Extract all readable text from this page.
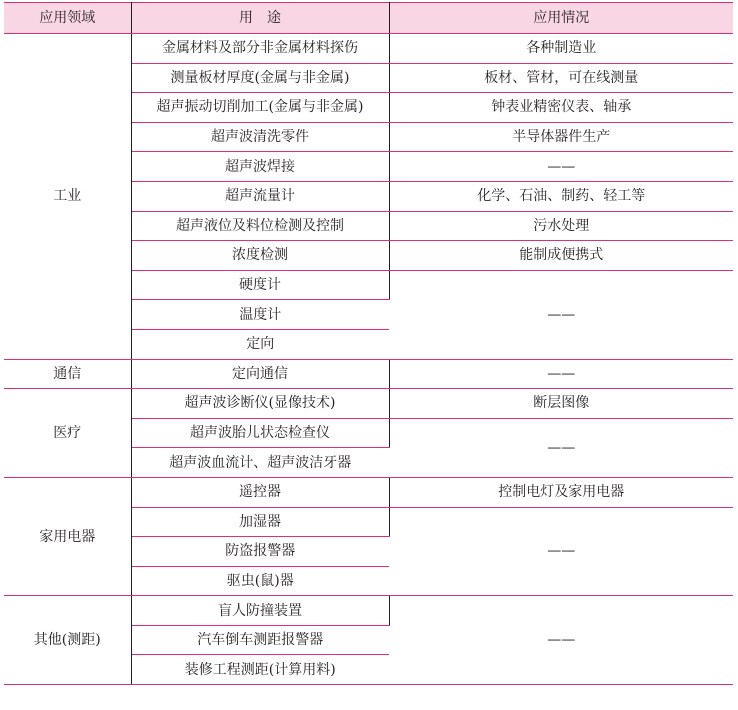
应用领域	用　途	应用情况
工业	金属材料及部分非金属材料探伤	各种制造业
	测量板材厚度(金属与非金属)	板材、管材，可在线测量
	超声振动切削加工(金属与非金属)	钟表业精密仪表、轴承
	超声波清洗零件	半导体器件生产
	超声波焊接	——
	超声流量计	化学、石油、制药、轻工等
	超声液位及料位检测及控制	污水处理
	浓度检测	能制成便携式
	硬度计	——
	温度计	
	定向	
通信	定向通信	——
医疗	超声波诊断仪(显像技术)	断层图像
	超声波胎儿状态检查仪	——
	超声波血流计、超声波洁牙器	
家用电器	遥控器	控制电灯及家用电器
	加湿器	——
	防盗报警器	
	驱虫(鼠)器	
其他(测距)	盲人防撞装置	——
	汽车倒车测距报警器	
	装修工程测距(计算用料)	
